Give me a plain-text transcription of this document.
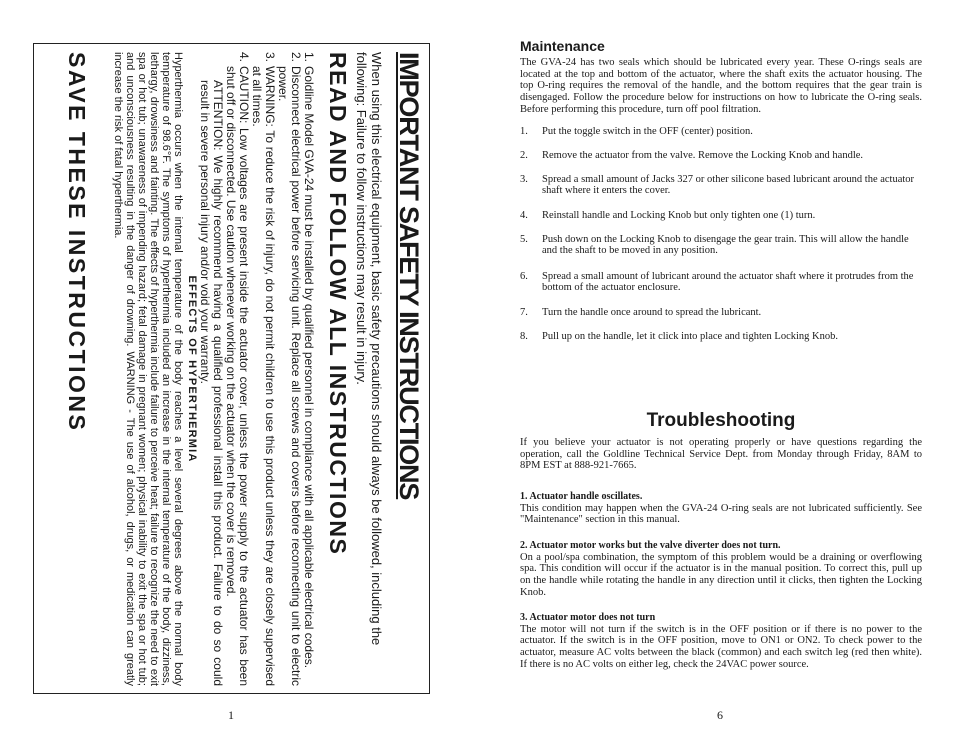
IMPORTANT SAFETY INSTRUCTIONS
When using this electrical equipment, basic safety precautions should always be followed, including the following: Failure to follow instructions may result in injury.
READ AND FOLLOW ALL INSTRUCTIONS
1.
Goldline Model GVA-24 must be installed by qualified personnel in compliance with all applicable electrical codes.
2.
Disconnect electrical power before servicing unit. Replace all screws and covers before reconnecting unit to electric power.
3.
WARNING: To reduce the risk of injury, do not permit children to use this product unless they are closely supervised at all times.
4.
CAUTION: Low voltages are present inside the actuator cover, unless the power supply to the actuator has been shut off or disconnected. Use caution whenever working on the actuator when the cover is removed.
ATTENTION: We highly recommend having a qualified professional install this product. Failure to do so could result in severe personal injury and/or void your warranty.
EFFECTS OF HYPERTHERMIA
Hyperthermia occurs when the internal temperature of the body reaches a level several degrees above the normal body temperature of 98.6°F. The symptoms of hyperthermia included an increase in the internal temperature of the body, dizziness, lethargy, drowsiness and fainting. The effects of hyperthermia include failure to perceive heat; failure to recognize the need to exit spa or hot tub; unawareness of impending hazard; fetal damage in pregnant women; physical inability to exit the spa or hot tub; and unconsciousness resulting in the danger of drowning. WARNING - The use of alcohol, drugs, or medication can greatly increase the risk of fatal hyperthermia.
SAVE THESE INSTRUCTIONS
1
Maintenance

The GVA-24 has two seals which should be lubricated every year. These O-rings seals are located at the top and bottom of the actuator, where the shaft exits the actuator housing. The top O-ring requires the removal of the handle, and the bottom requires that the gear train is disengaged. Follow the procedure below for instructions on how to lubricate the O-ring seals. Before performing this procedure, turn off pool filtration.

1.	Put the toggle switch in the OFF (center) position.
2.	Remove the actuator from the valve. Remove the Locking Knob and handle.
3.	Spread a small amount of Jacks 327 or other silicone based lubricant around the actuator shaft where it enters the cover.
4.	Reinstall handle and Locking Knob but only tighten one (1) turn.
5.	Push down on the Locking Knob to disengage the gear train. This will allow the handle and the shaft to be moved in any position.
6.	Spread a small amount of lubricant around the actuator shaft where it protrudes from the bottom of the actuator enclosure.
7.	Turn the handle once around to spread the lubricant.
8.	Pull up on the handle, let it click into place and tighten Locking Knob.
Troubleshooting

If you believe your actuator is not operating properly or have questions regarding the operation, call the Goldline Technical Service Dept. from Monday through Friday, 8AM to 8PM EST at 888-921-7665.

1. Actuator handle oscillates.
This condition may happen when the GVA-24 O-ring seals are not lubricated sufficiently. See "Maintenance" section in this manual.
2. Actuator motor works but the valve diverter does not turn.
On a pool/spa combination, the symptom of this problem would be a draining or overflowing spa. This condition will occur if the actuator is in the manual position. To correct this, pull up on the handle while rotating the handle in any direction until it clicks, then tighten the Locking Knob.
3. Actuator motor does not turn
The motor will not turn if the switch is in the OFF position or if there is no power to the actuator. If the switch is in the OFF position, move to ON1 or ON2. To check power to the actuator, measure AC volts between the black (common) and each switch leg (red then white). If there is no AC volts on either leg, check the 24VAC power source.
6
